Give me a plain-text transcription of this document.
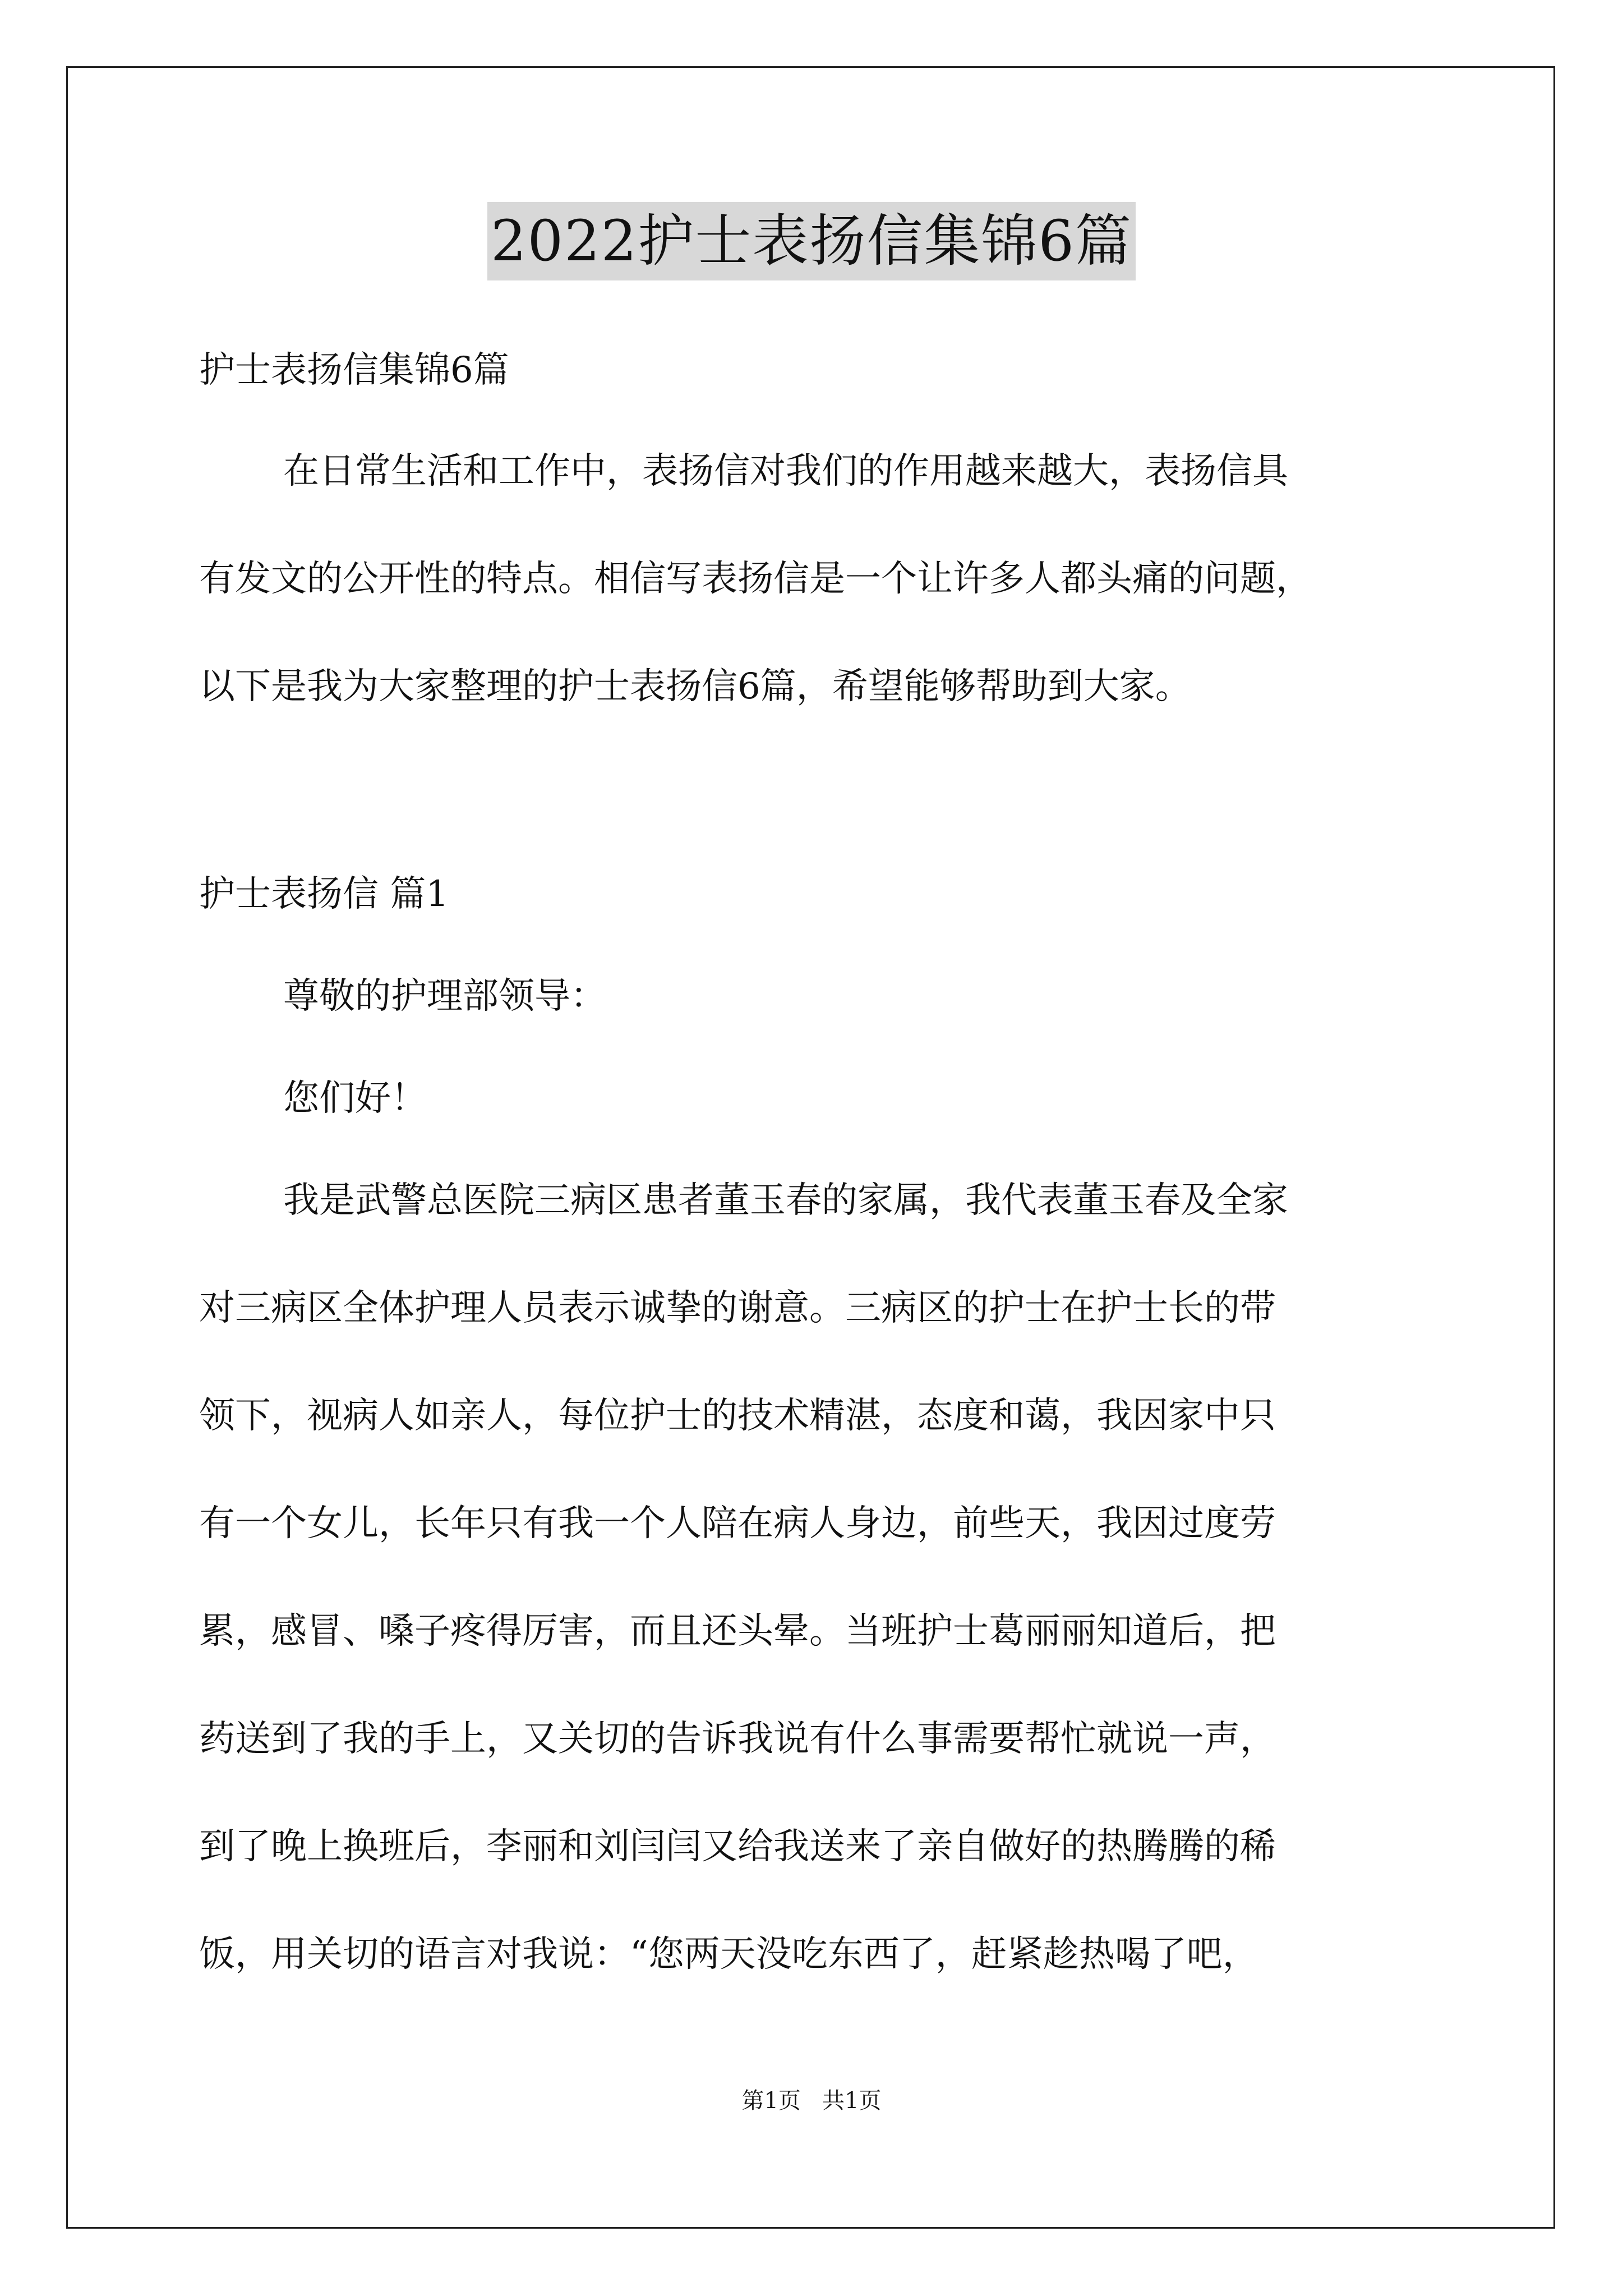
2022护士表扬信集锦6篇

护士表扬信集锦6篇

在日常生活和工作中，表扬信对我们的作用越来越大，表扬信具

有发文的公开性的特点。相信写表扬信是一个让许多人都头痛的问题，

以下是我为大家整理的护士表扬信6篇，希望能够帮助到大家。

护士表扬信 篇1

尊敬的护理部领导：

您们好！

我是武警总医院三病区患者董玉春的家属，我代表董玉春及全家

对三病区全体护理人员表示诚挚的谢意。三病区的护士在护士长的带

领下，视病人如亲人，每位护士的技术精湛，态度和蔼，我因家中只

有一个女儿，长年只有我一个人陪在病人身边，前些天，我因过度劳

累，感冒、嗓子疼得厉害，而且还头晕。当班护士葛丽丽知道后，把

药送到了我的手上，又关切的告诉我说有什么事需要帮忙就说一声，

到了晚上换班后，李丽和刘闫闫又给我送来了亲自做好的热腾腾的稀

饭，用关切的语言对我说：“您两天没吃东西了，赶紧趁热喝了吧，

第1页   共1页
